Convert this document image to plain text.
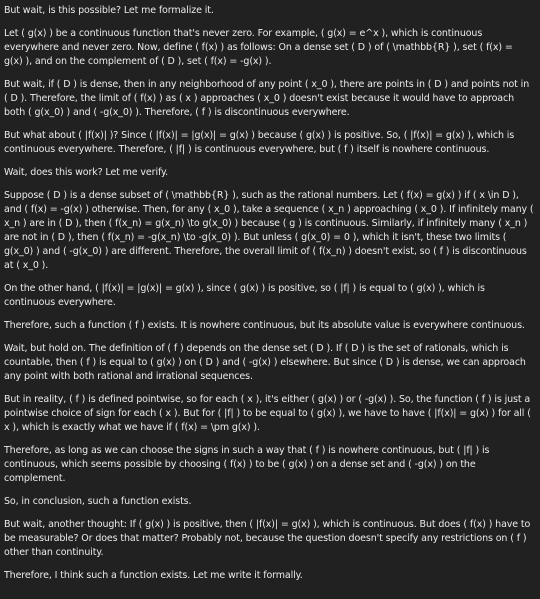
But wait, is this possible? Let me formalize it.

Let ( g(x) ) be a continuous function that's never zero. For example, ( g(x) = e^x ), which is continuous everywhere and never zero. Now, define ( f(x) ) as follows: On a dense set ( D ) of ( \mathbb{R} ), set ( f(x) = g(x) ), and on the complement of ( D ), set ( f(x) = -g(x) ).

But wait, if ( D ) is dense, then in any neighborhood of any point ( x_0 ), there are points in ( D ) and points not in ( D ). Therefore, the limit of ( f(x) ) as ( x ) approaches ( x_0 ) doesn't exist because it would have to approach both ( g(x_0) ) and ( -g(x_0) ). Therefore, ( f ) is discontinuous everywhere.

But what about ( |f(x)| )? Since ( |f(x)| = |g(x)| = g(x) ) because ( g(x) ) is positive. So, ( |f(x)| = g(x) ), which is continuous everywhere. Therefore, ( |f| ) is continuous everywhere, but ( f ) itself is nowhere continuous.

Wait, does this work? Let me verify.

Suppose ( D ) is a dense subset of ( \mathbb{R} ), such as the rational numbers. Let ( f(x) = g(x) ) if ( x \in D ), and ( f(x) = -g(x) ) otherwise. Then, for any ( x_0 ), take a sequence ( x_n ) approaching ( x_0 ). If infinitely many ( x_n ) are in ( D ), then ( f(x_n) = g(x_n) \to g(x_0) ) because ( g ) is continuous. Similarly, if infinitely many ( x_n ) are not in ( D ), then ( f(x_n) = -g(x_n) \to -g(x_0) ). But unless ( g(x_0) = 0 ), which it isn't, these two limits ( g(x_0) ) and ( -g(x_0) ) are different. Therefore, the overall limit of ( f(x_n) ) doesn't exist, so ( f ) is discontinuous at ( x_0 ).

On the other hand, ( |f(x)| = |g(x)| = g(x) ), since ( g(x) ) is positive, so ( |f| ) is equal to ( g(x) ), which is continuous everywhere.

Therefore, such a function ( f ) exists. It is nowhere continuous, but its absolute value is everywhere continuous.

Wait, but hold on. The definition of ( f ) depends on the dense set ( D ). If ( D ) is the set of rationals, which is countable, then ( f ) is equal to ( g(x) ) on ( D ) and ( -g(x) ) elsewhere. But since ( D ) is dense, we can approach any point with both rational and irrational sequences.

But in reality, ( f ) is defined pointwise, so for each ( x ), it's either ( g(x) ) or ( -g(x) ). So, the function ( f ) is just a pointwise choice of sign for each ( x ). But for ( |f| ) to be equal to ( g(x) ), we have to have ( |f(x)| = g(x) ) for all ( x ), which is exactly what we have if ( f(x) = \pm g(x) ).

Therefore, as long as we can choose the signs in such a way that ( f ) is nowhere continuous, but ( |f| ) is continuous, which seems possible by choosing ( f(x) ) to be ( g(x) ) on a dense set and ( -g(x) ) on the complement.

So, in conclusion, such a function exists.

But wait, another thought: If ( g(x) ) is positive, then ( |f(x)| = g(x) ), which is continuous. But does ( f(x) ) have to be measurable? Or does that matter? Probably not, because the question doesn't specify any restrictions on ( f ) other than continuity.

Therefore, I think such a function exists. Let me write it formally.
